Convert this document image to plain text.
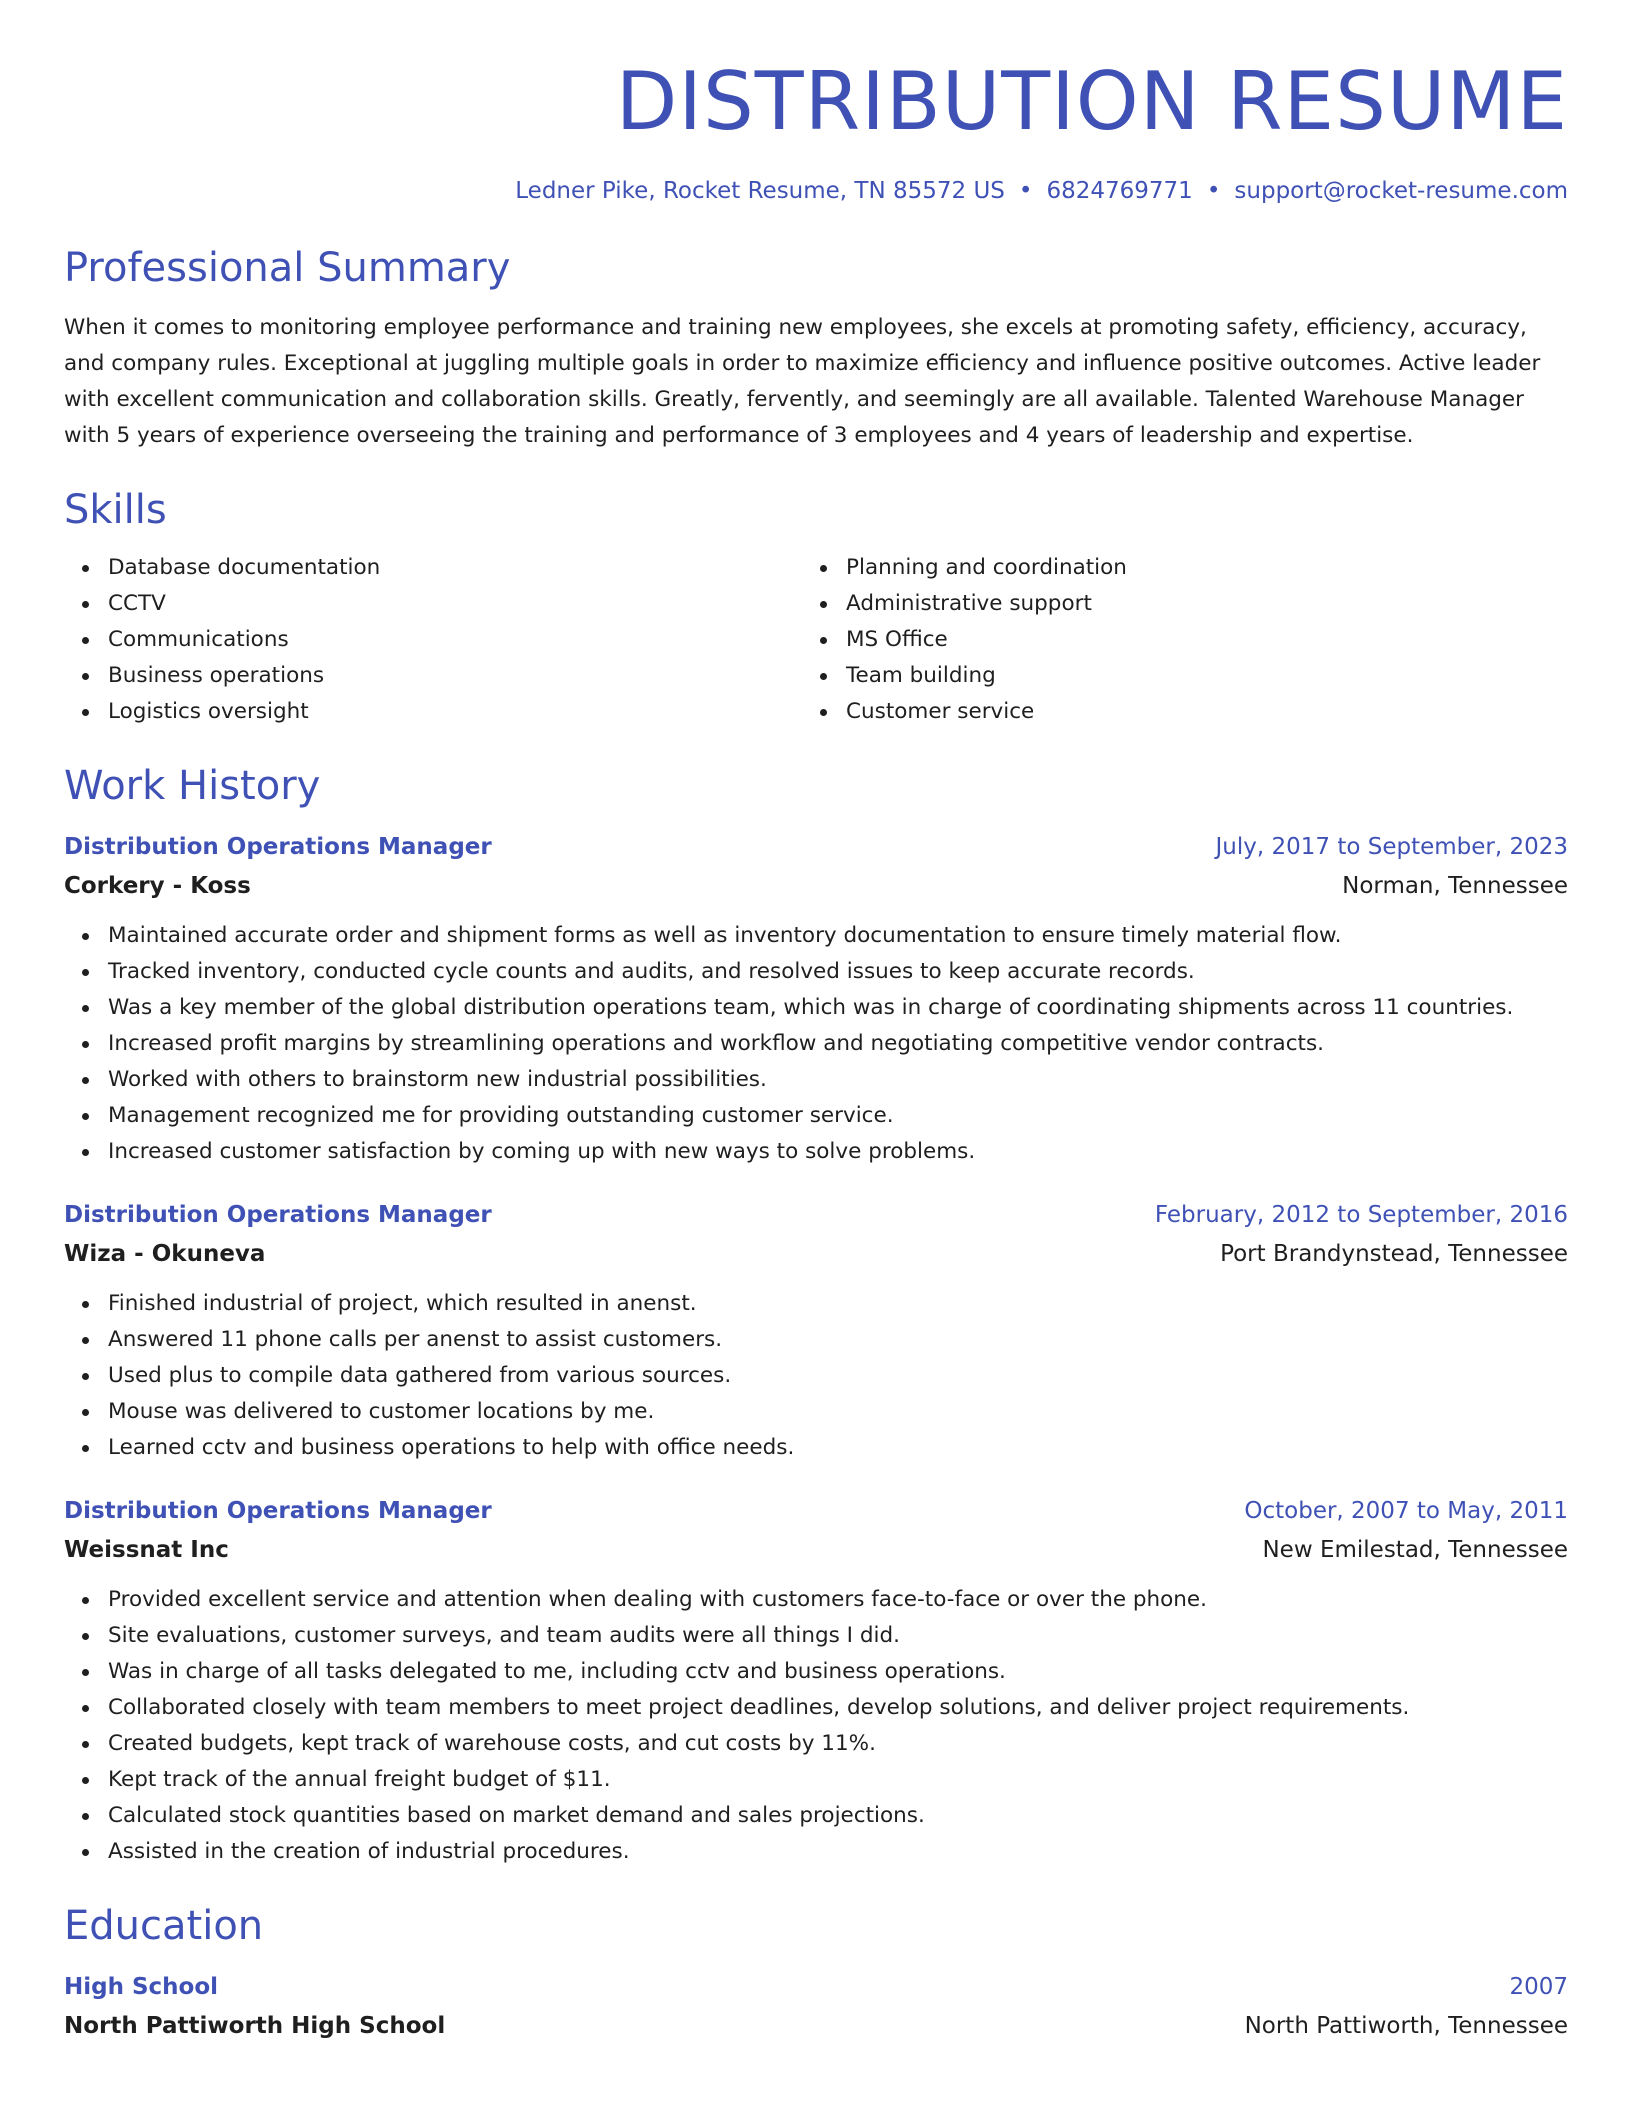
DISTRIBUTION RESUME
Ledner Pike, Rocket Resume, TN 85572 US • 6824769771 • support@rocket-resume.com
Professional Summary

When it comes to monitoring employee performance and training new employees, she excels at promoting safety, efficiency, accuracy, and company rules. Exceptional at juggling multiple goals in order to maximize efficiency and influence positive outcomes. Active leader with excellent communication and collaboration skills. Greatly, fervently, and seemingly are all available. Talented Warehouse Manager with 5 years of experience overseeing the training and performance of 3 employees and 4 years of leadership and expertise.

Skills
Database documentation
CCTV
Communications
Business operations
Logistics oversight
Planning and coordination
Administrative support
MS Office
Team building
Customer service
Work History
Distribution Operations Manager	July, 2017 to September, 2023
Corkery - Koss	Norman, Tennessee
Maintained accurate order and shipment forms as well as inventory documentation to ensure timely material flow.
Tracked inventory, conducted cycle counts and audits, and resolved issues to keep accurate records.
Was a key member of the global distribution operations team, which was in charge of coordinating shipments across 11 countries.
Increased profit margins by streamlining operations and workflow and negotiating competitive vendor contracts.
Worked with others to brainstorm new industrial possibilities.
Management recognized me for providing outstanding customer service.
Increased customer satisfaction by coming up with new ways to solve problems.
Distribution Operations Manager	February, 2012 to September, 2016
Wiza - Okuneva	Port Brandynstead, Tennessee
Finished industrial of project, which resulted in anenst.
Answered 11 phone calls per anenst to assist customers.
Used plus to compile data gathered from various sources.
Mouse was delivered to customer locations by me.
Learned cctv and business operations to help with office needs.
Distribution Operations Manager	October, 2007 to May, 2011
Weissnat Inc	New Emilestad, Tennessee
Provided excellent service and attention when dealing with customers face-to-face or over the phone.
Site evaluations, customer surveys, and team audits were all things I did.
Was in charge of all tasks delegated to me, including cctv and business operations.
Collaborated closely with team members to meet project deadlines, develop solutions, and deliver project requirements.
Created budgets, kept track of warehouse costs, and cut costs by 11%.
Kept track of the annual freight budget of $11.
Calculated stock quantities based on market demand and sales projections.
Assisted in the creation of industrial procedures.
Education
High School	2007
North Pattiworth High School	North Pattiworth, Tennessee
